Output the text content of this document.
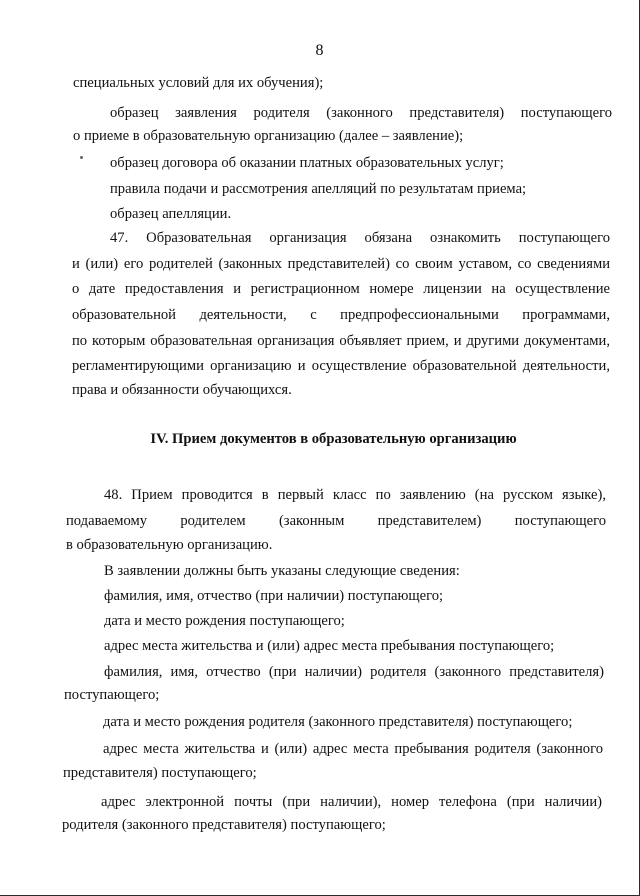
8
специальных условий для их обучения);
образец заявления родителя (законного представителя) поступающего
о приеме в образовательную организацию (далее – заявление);
образец договора об оказании платных образовательных услуг;
правила подачи и рассмотрения апелляций по результатам приема;
образец апелляции.
47. Образовательная организация обязана ознакомить поступающего
и (или) его родителей (законных представителей) со своим уставом, со сведениями
о дате предоставления и регистрационном номере лицензии на осуществление
образовательной деятельности, с предпрофессиональными программами,
по которым образовательная организация объявляет прием, и другими документами,
регламентирующими организацию и осуществление образовательной деятельности,
права и обязанности обучающихся.
IV. Прием документов в образовательную организацию
48. Прием проводится в первый класс по заявлению (на русском языке),
подаваемому родителем (законным представителем) поступающего
в образовательную организацию.
В заявлении должны быть указаны следующие сведения:
фамилия, имя, отчество (при наличии) поступающего;
дата и место рождения поступающего;
адрес места жительства и (или) адрес места пребывания поступающего;
фамилия, имя, отчество (при наличии) родителя (законного представителя)
поступающего;
дата и место рождения родителя (законного представителя) поступающего;
адрес места жительства и (или) адрес места пребывания родителя (законного
представителя) поступающего;
адрес электронной почты (при наличии), номер телефона (при наличии)
родителя (законного представителя) поступающего;
